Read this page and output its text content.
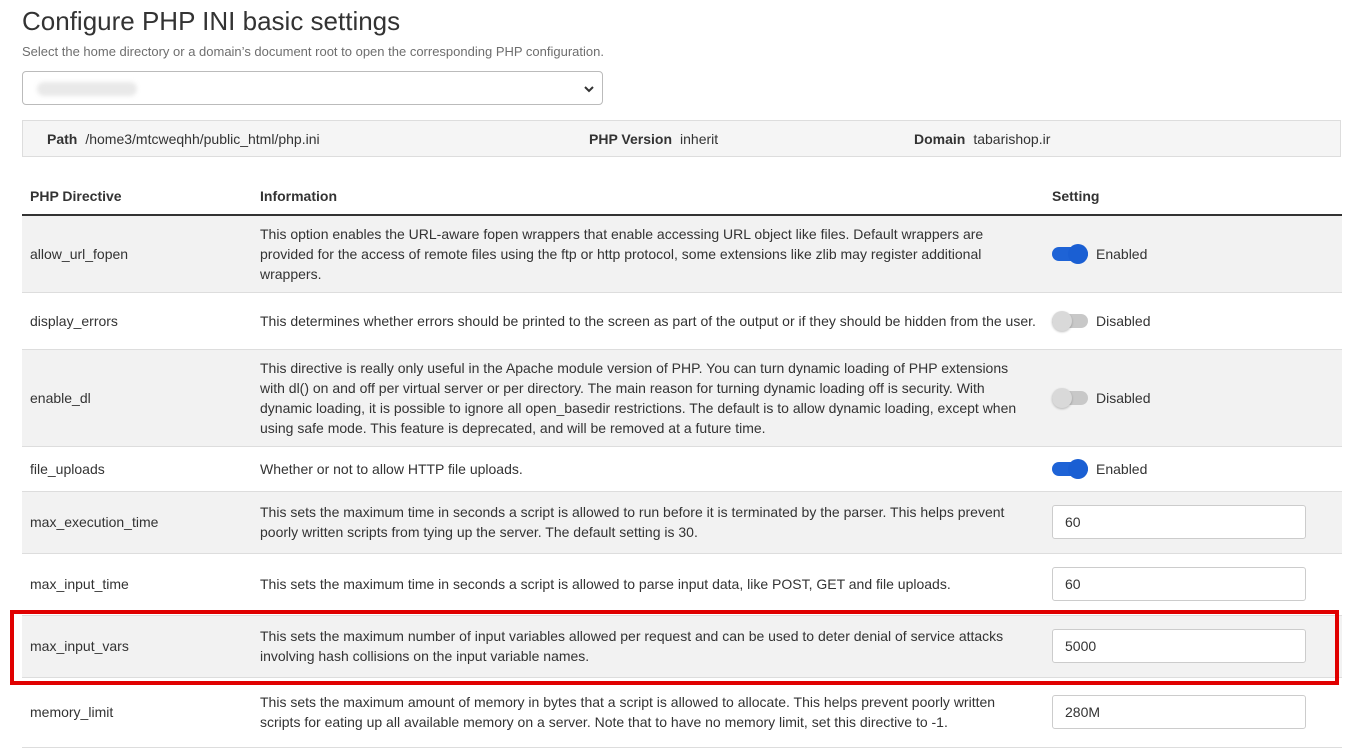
Configure PHP INI basic settings
Select the home directory or a domain’s document root to open the corresponding PHP configuration.
Path /home3/mtcweqhh/public_html/php.ini	PHP Version inherit	Domain tabarishop.ir
PHP Directive	Information	Setting
allow_url_fopen	This option enables the URL-aware fopen wrappers that enable accessing URL object like files. Default wrappers are provided for the access of remote files using the ftp or http protocol, some extensions like zlib may register additional wrappers.	Enabled

display_errors	This determines whether errors should be printed to the screen as part of the output or if they should be hidden from the user.	Disabled

enable_dl	This directive is really only useful in the Apache module version of PHP. You can turn dynamic loading of PHP extensions with dl() on and off per virtual server or per directory. The main reason for turning dynamic loading off is security. With dynamic loading, it is possible to ignore all open_basedir restrictions. The default is to allow dynamic loading, except when using safe mode. This feature is deprecated, and will be removed at a future time.	Disabled

file_uploads	Whether or not to allow HTTP file uploads.	Enabled

max_execution_time	This sets the maximum time in seconds a script is allowed to run before it is terminated by the parser. This helps prevent poorly written scripts from tying up the server. The default setting is 30.	60
max_input_time	This sets the maximum time in seconds a script is allowed to parse input data, like POST, GET and file uploads.	60
max_input_vars	This sets the maximum number of input variables allowed per request and can be used to deter denial of service attacks involving hash collisions on the input variable names.	5000
memory_limit	This sets the maximum amount of memory in bytes that a script is allowed to allocate. This helps prevent poorly written scripts for eating up all available memory on a server. Note that to have no memory limit, set this directive to -1.	280M
